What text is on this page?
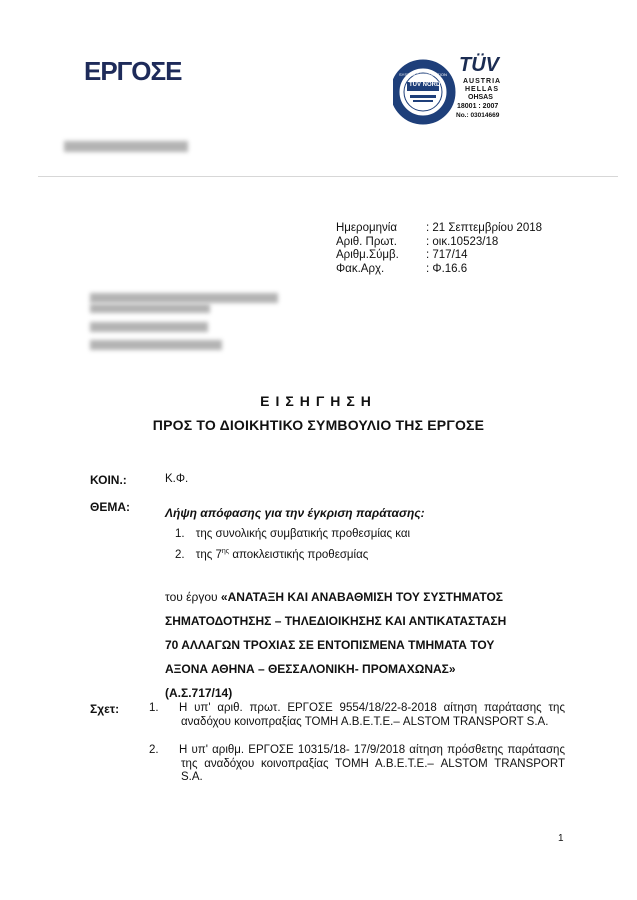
ΕΡΓΟΣΕ	SYSTEM CERTIFICATION
TÜV NORD
TÜV
AUSTRIA
HELLAS
OHSAS
18001 : 2007
No.: 03014669
Ημερομηνία	: 21 Σεπτεμβρίου 2018
Αριθ. Πρωτ.	: οικ.10523/18
Αριθμ.Σύμβ.	: 717/14
Φακ.Αρχ.	: Φ.16.6
ΕΙΣΗΓΗΣΗ
ΠΡΟΣ ΤΟ ΔΙΟΙΚΗΤΙΚΟ ΣΥΜΒΟΥΛΙΟ ΤΗΣ ΕΡΓΟΣΕ
ΚΟΙΝ.:	Κ.Φ.
ΘΕΜΑ:	Λήψη απόφασης για την έγκριση παράτασης:
1. της συνολικής συμβατικής προθεσμίας και
2. της $7^{\eta\varsigma}$ αποκλειστικής προθεσμίας
του έργου «ΑΝΑΤΑΞΗ ΚΑΙ ΑΝΑΒΑΘΜΙΣΗ ΤΟΥ ΣΥΣΤΗΜΑΤΟΣ
ΣΗΜΑΤΟΔΟΤΗΣΗΣ – ΤΗΛΕΔΙΟΙΚΗΣΗΣ ΚΑΙ ΑΝΤΙΚΑΤΑΣΤΑΣΗ
70 ΑΛΛΑΓΩΝ ΤΡΟΧΙΑΣ ΣΕ ΕΝΤΟΠΙΣΜΕΝΑ ΤΜΗΜΑΤΑ ΤΟΥ
ΑΞΟΝΑ ΑΘΗΝΑ – ΘΕΣΣΑΛΟΝΙΚΗ- ΠΡΟΜΑΧΩΝΑΣ»
(Α.Σ.717/14)
Σχετ:	1. Η υπ' αριθ. πρωτ. ΕΡΓΟΣΕ 9554/18/22-8-2018 αίτηση παράτασης της αναδόχου κοινοπραξίας ΤΟΜΗ Α.Β.Ε.Τ.Ε.– ALSTOM TRANSPORT S.A.
2. Η υπ' αριθμ. ΕΡΓΟΣΕ 10315/18- 17/9/2018 αίτηση πρόσθετης παράτασης της αναδόχου κοινοπραξίας ΤΟΜΗ Α.Β.Ε.Τ.Ε.– ALSTOM TRANSPORT S.A.
1
